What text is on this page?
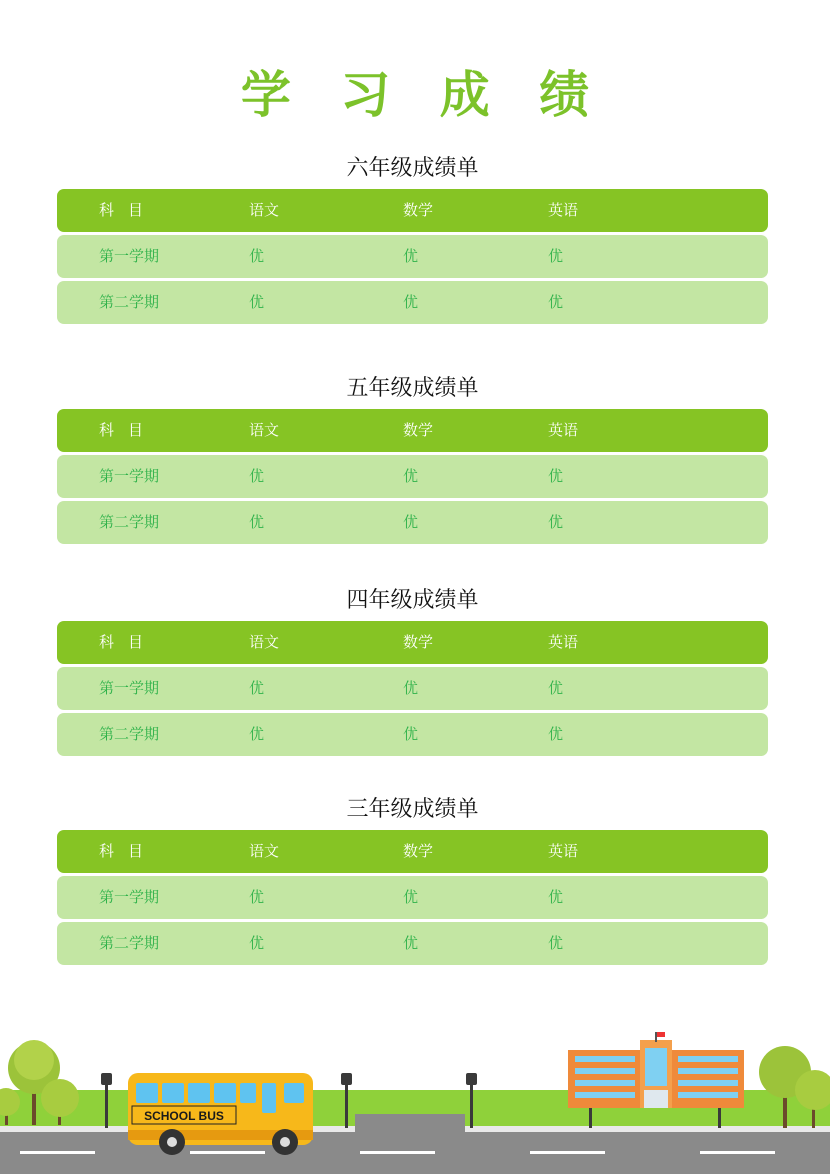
学 习 成 绩
六年级成绩单
科目	语文	数学	英语
第一学期	优	优	优
第二学期	优	优	优
五年级成绩单
科目	语文	数学	英语
第一学期	优	优	优
第二学期	优	优	优
四年级成绩单
科目	语文	数学	英语
第一学期	优	优	优
第二学期	优	优	优
三年级成绩单
科目	语文	数学	英语
第一学期	优	优	优
第二学期	优	优	优
SCHOOL BUS
